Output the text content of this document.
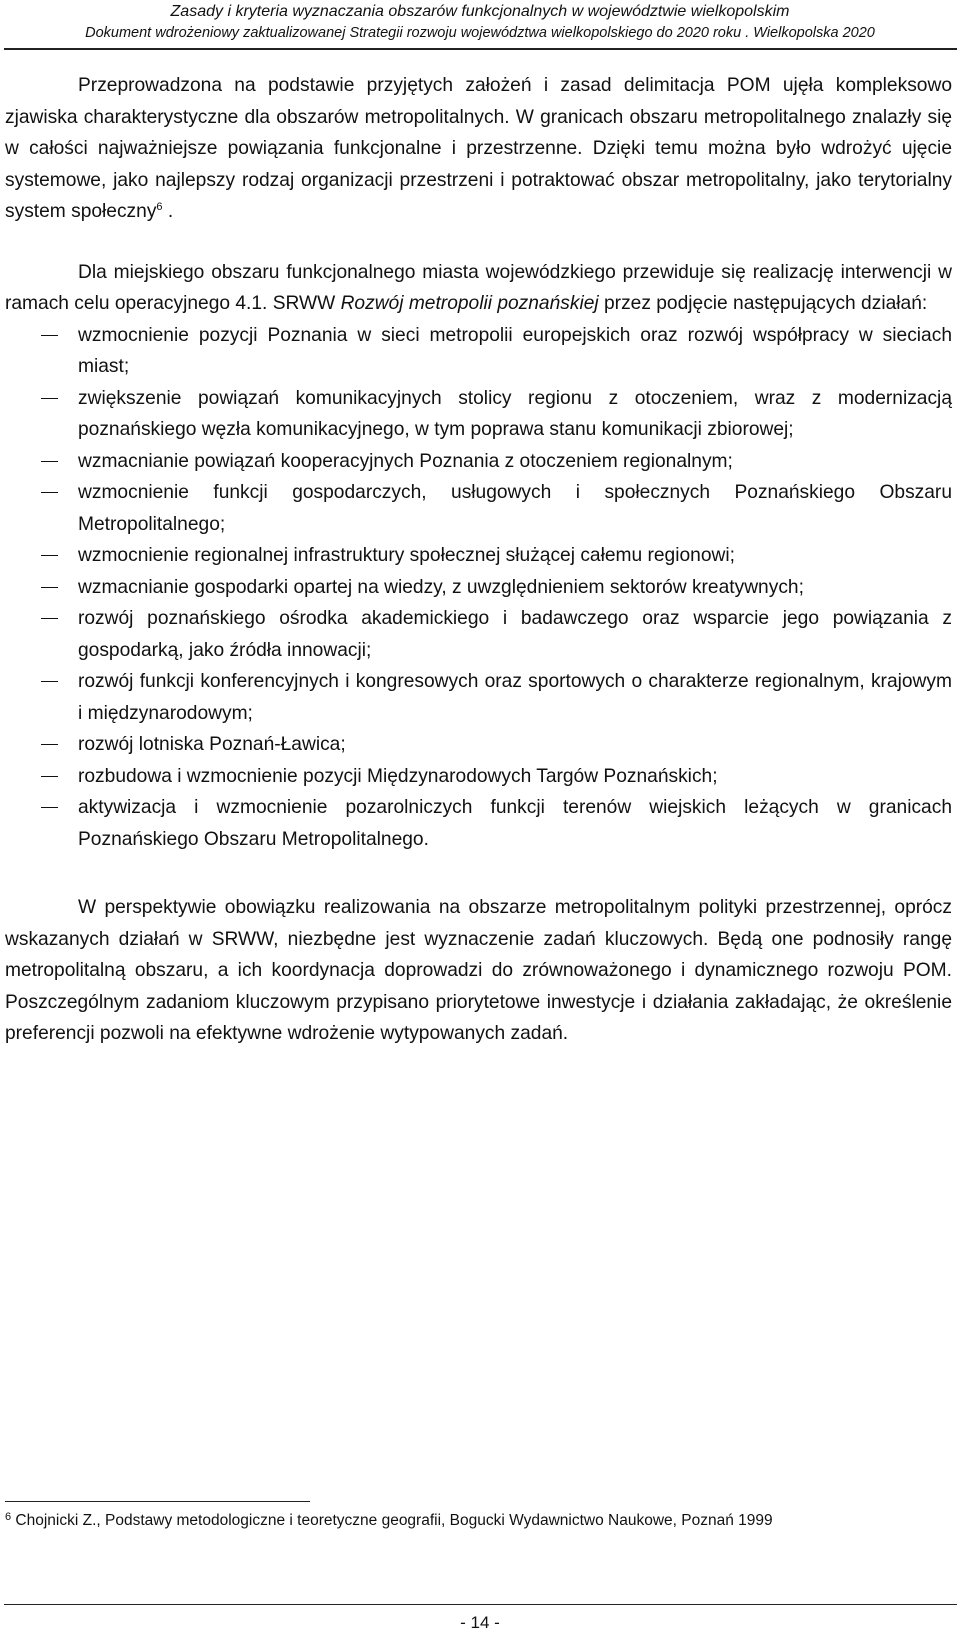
Zasady i kryteria wyznaczania obszarów funkcjonalnych w województwie wielkopolskim
Dokument wdrożeniowy zaktualizowanej Strategii rozwoju województwa wielkopolskiego do 2020 roku . Wielkopolska 2020

Przeprowadzona na podstawie przyjętych założeń i zasad delimitacja POM ujęła kompleksowo zjawiska charakterystyczne dla obszarów metropolitalnych. W granicach obszaru metropolitalnego znalazły się w całości najważniejsze powiązania funkcjonalne i przestrzenne. Dzięki temu można było wdrożyć ujęcie systemowe, jako najlepszy rodzaj organizacji przestrzeni i potraktować obszar metropolitalny, jako terytorialny system społeczny$^6$ .

Dla miejskiego obszaru funkcjonalnego miasta wojewódzkiego przewiduje się realizację interwencji w ramach celu operacyjnego 4.1. SRWW Rozwój metropolii poznańskiej przez podjęcie następujących działań:

wzmocnienie pozycji Poznania w sieci metropolii europejskich oraz rozwój współpracy w sieciach miast;
zwiększenie powiązań komunikacyjnych stolicy regionu z otoczeniem, wraz z modernizacją poznańskiego węzła komunikacyjnego, w tym poprawa stanu komunikacji zbiorowej;
wzmacnianie powiązań kooperacyjnych Poznania z otoczeniem regionalnym;
wzmocnienie funkcji gospodarczych, usługowych i społecznych Poznańskiego Obszaru Metropolitalnego;
wzmocnienie regionalnej infrastruktury społecznej służącej całemu regionowi;
wzmacnianie gospodarki opartej na wiedzy, z uwzględnieniem sektorów kreatywnych;
rozwój poznańskiego ośrodka akademickiego i badawczego oraz wsparcie jego powiązania z gospodarką, jako źródła innowacji;
rozwój funkcji konferencyjnych i kongresowych oraz sportowych o charakterze regionalnym, krajowym i międzynarodowym;
rozwój lotniska Poznań-Ławica;
rozbudowa i wzmocnienie pozycji Międzynarodowych Targów Poznańskich;
aktywizacja i wzmocnienie pozarolniczych funkcji terenów wiejskich leżących w granicach Poznańskiego Obszaru Metropolitalnego.

W perspektywie obowiązku realizowania na obszarze metropolitalnym polityki przestrzennej, oprócz wskazanych działań w SRWW, niezbędne jest wyznaczenie zadań kluczowych. Będą one podnosiły rangę metropolitalną obszaru, a ich koordynacja doprowadzi do zrównoważonego i dynamicznego rozwoju POM. Poszczególnym zadaniom kluczowym przypisano priorytetowe inwestycje i działania zakładając, że określenie preferencji pozwoli na efektywne wdrożenie wytypowanych zadań.

$^6$ Chojnicki Z., Podstawy metodologiczne i teoretyczne geografii, Bogucki Wydawnictwo Naukowe, Poznań 1999
- 14 -
